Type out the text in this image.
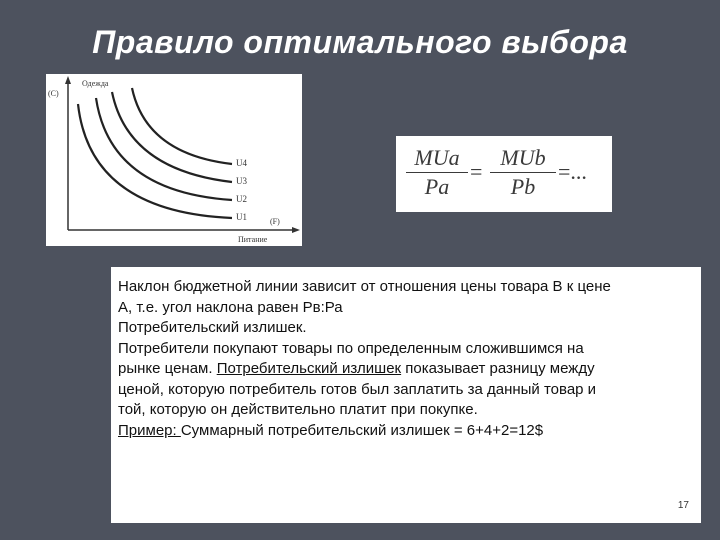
Правило оптимального выбора
Одежда
(С)
(F)
Питание
U4
U3
U2
U1
MUa
Pa
=
MUb
Pb
=...

Наклон бюджетной линии зависит от отношения цены товара В к цене А, т.е. угол наклона равен Рв:Ра

Потребительский излишек.

Потребители покупают товары по определенным сложившимся на рынке ценам. Потребительский излишек показывает разницу между ценой, которую потребитель готов был заплатить за данный товар и той, которую он действительно платит при покупке.

Пример: Суммарный потребительский излишек = 6+4+2=12$

17
